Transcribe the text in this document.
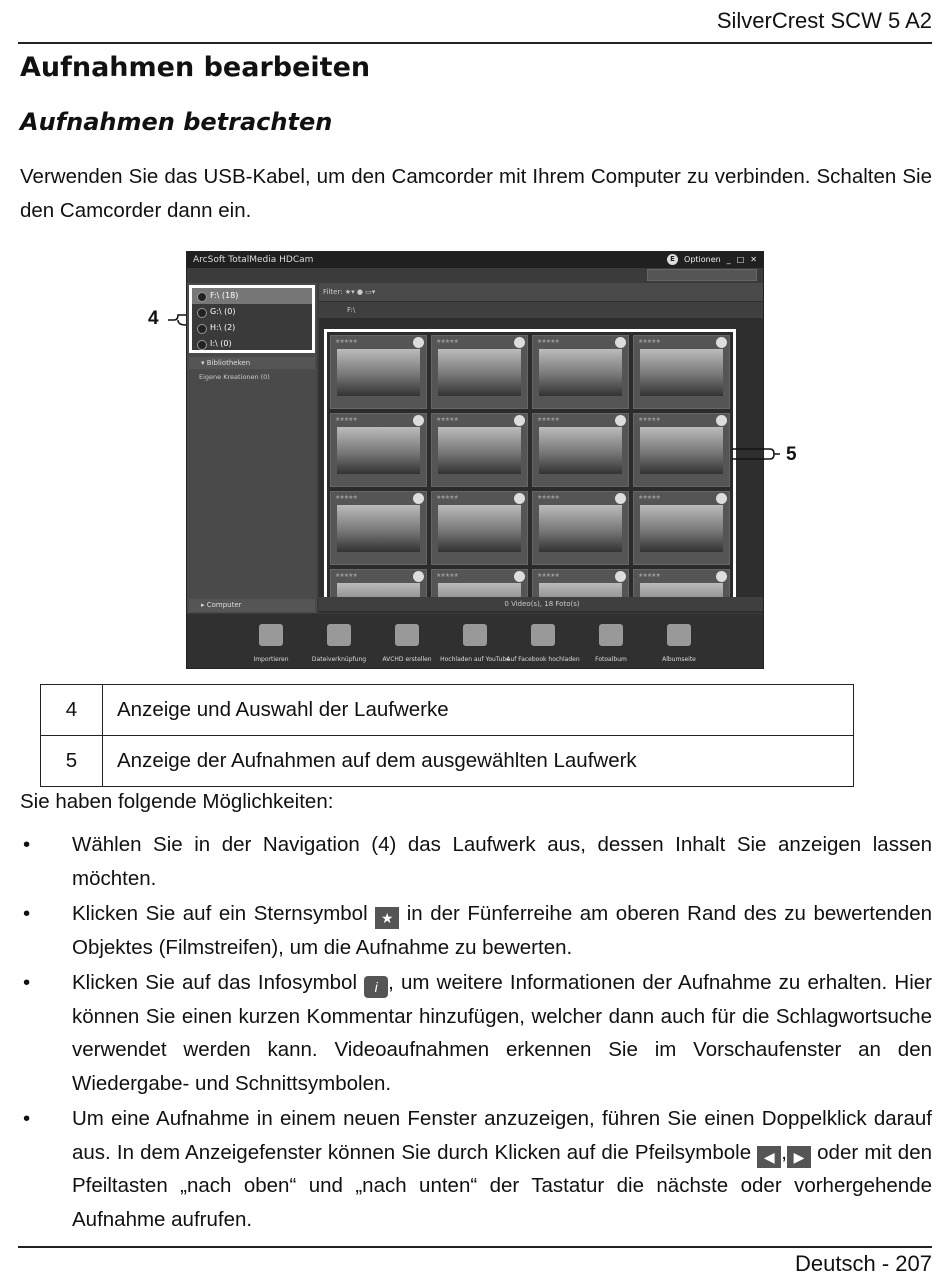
SilverCrest SCW 5 A2
Aufnahmen bearbeiten
Aufnahmen betrachten

Verwenden Sie das USB-Kabel, um den Camcorder mit Ihrem Computer zu verbinden. Schalten Sie den Camcorder dann ein.

ArcSoft TotalMedia HDCam	E	Optionen _ □ ✕
F:\ (18)
G:\ (0)
H:\ (2)
I:\ (0)
▾ Bibliotheken
Eigene Kreationen (0)
▸ Computer
Filter: ★▾ ● ▭▾
F:\
★★★★★	★★★★★	★★★★★	★★★★★
★★★★★	★★★★★	★★★★★	★★★★★
★★★★★	★★★★★	★★★★★	★★★★★
★★★★★	★★★★★	★★★★★	★★★★★
0 Video(s), 18 Foto(s)
Importieren	Dateiverknüpfung	AVCHD erstellen Hochladen auf YouTube
Auf Facebook hochladen	Fotoalbum	Albumseite
4
5
4	Anzeige und Auswahl der Laufwerke
5	Anzeige der Aufnahmen auf dem ausgewählten Laufwerk
Sie haben folgende Möglichkeiten:
• Wählen Sie in der Navigation (4) das Laufwerk aus, dessen Inhalt Sie anzeigen lassen möchten.
• Klicken Sie auf ein Sternsymbol ★ in der Fünferreihe am oberen Rand des zu bewertenden Objektes (Filmstreifen), um die Aufnahme zu bewerten.
• Klicken Sie auf das Infosymbol i , um weitere Informationen der Aufnahme zu erhalten. Hier können Sie einen kurzen Kommentar hinzufügen, welcher dann auch für die Schlagwortsuche verwendet werden kann. Videoaufnahmen erkennen Sie im Vorschaufenster an den Wiedergabe- und Schnittsymbolen.
• Um eine Aufnahme in einem neuen Fenster anzuzeigen, führen Sie einen Doppelklick darauf aus. In dem Anzeigefenster können Sie durch Klicken auf die Pfeilsymbole ◀ , ▶ oder mit den Pfeiltasten „nach oben“ und „nach unten“ der Tastatur die nächste oder vorhergehende Aufnahme aufrufen.
Deutsch - 207
